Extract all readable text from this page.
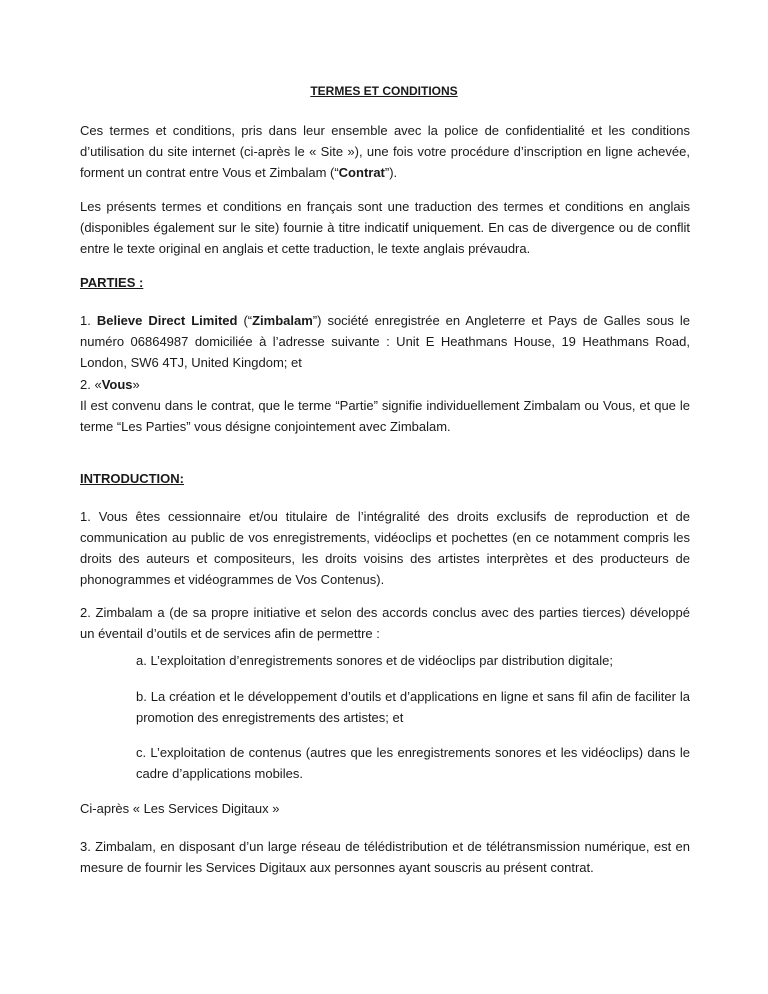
TERMES ET CONDITIONS

Ces termes et conditions, pris dans leur ensemble avec la police de confidentialité et les conditions d’utilisation du site internet (ci-après le « Site »), une fois votre procédure d’inscription en ligne achevée, forment un contrat entre Vous et Zimbalam (“Contrat”).

Les présents termes et conditions en français sont une traduction des termes et conditions en anglais (disponibles également sur le site) fournie à titre indicatif uniquement. En cas de divergence ou de conflit entre le texte original en anglais et cette traduction, le texte anglais prévaudra.

PARTIES :

1. Believe Direct Limited (“Zimbalam”) société enregistrée en Angleterre et Pays de Galles sous le numéro 06864987 domiciliée à l’adresse suivante : Unit E Heathmans House, 19 Heathmans Road, London, SW6 4TJ, United Kingdom; et

2. «Vous»
Il est convenu dans le contrat, que le terme “Partie” signifie individuellement Zimbalam ou Vous, et que le terme “Les Parties” vous désigne conjointement avec Zimbalam.

INTRODUCTION:

1. Vous êtes cessionnaire et/ou titulaire de l’intégralité des droits exclusifs de reproduction et de communication au public de vos enregistrements, vidéoclips et pochettes (en ce notamment compris les droits des auteurs et compositeurs, les droits voisins des artistes interprètes et des producteurs de phonogrammes et vidéogrammes de Vos Contenus).

2. Zimbalam a (de sa propre initiative et selon des accords conclus avec des parties tierces) développé un éventail d’outils et de services afin de permettre :

a. L’exploitation d’enregistrements sonores et de vidéoclips par distribution digitale;

b. La création et le développement d’outils et d’applications en ligne et sans fil afin de faciliter la promotion des enregistrements des artistes; et

c. L’exploitation de contenus (autres que les enregistrements sonores et les vidéoclips) dans le cadre d’applications mobiles.

Ci-après « Les Services Digitaux »

3. Zimbalam, en disposant d’un large réseau de télédistribution et de télétransmission numérique, est en mesure de fournir les Services Digitaux aux personnes ayant souscris au présent contrat.
